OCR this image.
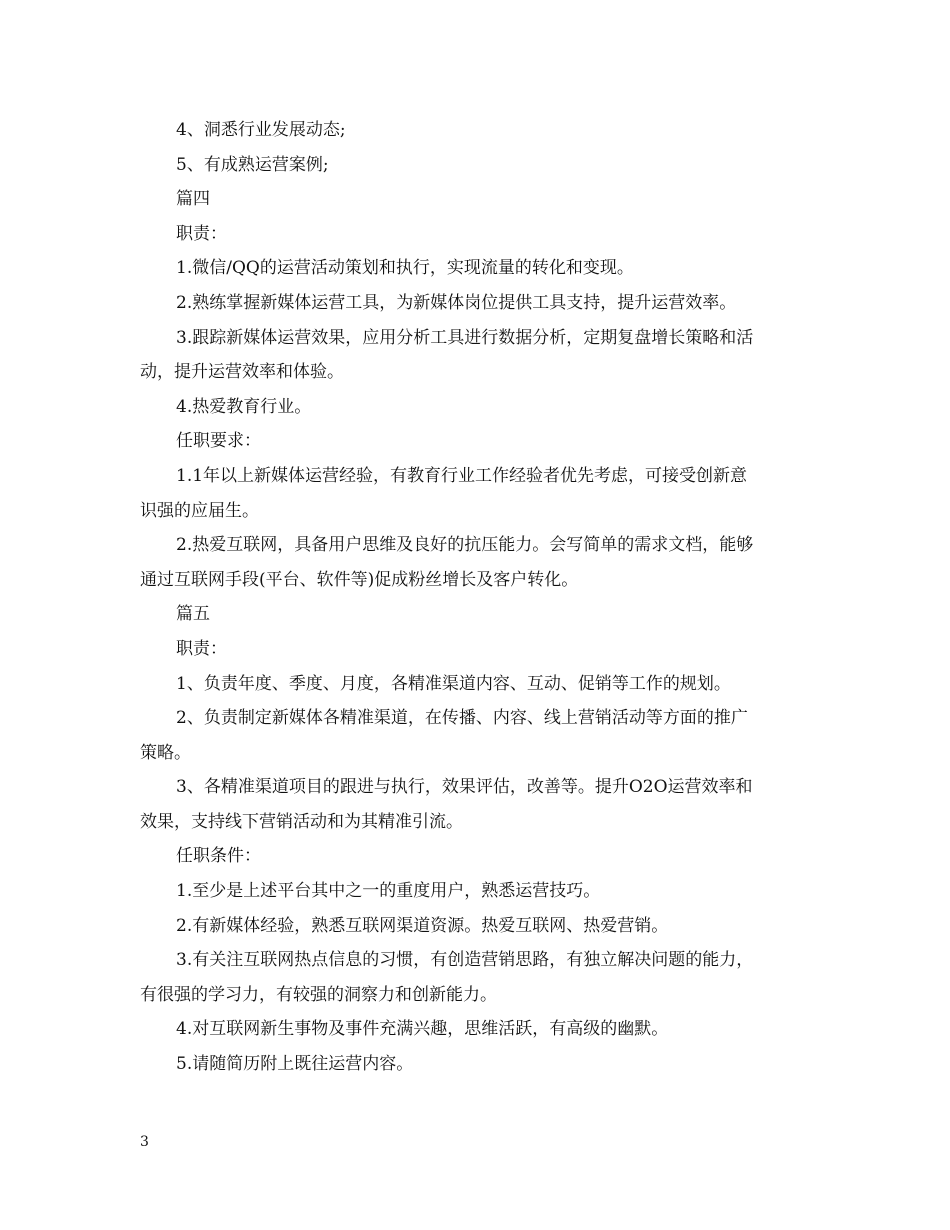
4、洞悉行业发展动态;
5、有成熟运营案例;
篇四
职责：
1.微信/QQ的运营活动策划和执行，实现流量的转化和变现。
2.熟练掌握新媒体运营工具，为新媒体岗位提供工具支持，提升运营效率。
3.跟踪新媒体运营效果，应用分析工具进行数据分析，定期复盘增长策略和活
动，提升运营效率和体验。
4.热爱教育行业。
任职要求：
1.1年以上新媒体运营经验，有教育行业工作经验者优先考虑，可接受创新意
识强的应届生。
2.热爱互联网，具备用户思维及良好的抗压能力。会写简单的需求文档，能够
通过互联网手段(平台、软件等)促成粉丝增长及客户转化。
篇五
职责：
1、负责年度、季度、月度，各精准渠道内容、互动、促销等工作的规划。
2、负责制定新媒体各精准渠道，在传播、内容、线上营销活动等方面的推广
策略。
3、各精准渠道项目的跟进与执行，效果评估，改善等。提升O2O运营效率和
效果，支持线下营销活动和为其精准引流。
任职条件：
1.至少是上述平台其中之一的重度用户，熟悉运营技巧。
2.有新媒体经验，熟悉互联网渠道资源。热爱互联网、热爱营销。
3.有关注互联网热点信息的习惯，有创造营销思路，有独立解决问题的能力，
有很强的学习力，有较强的洞察力和创新能力。
4.对互联网新生事物及事件充满兴趣，思维活跃，有高级的幽默。
5.请随简历附上既往运营内容。
3
